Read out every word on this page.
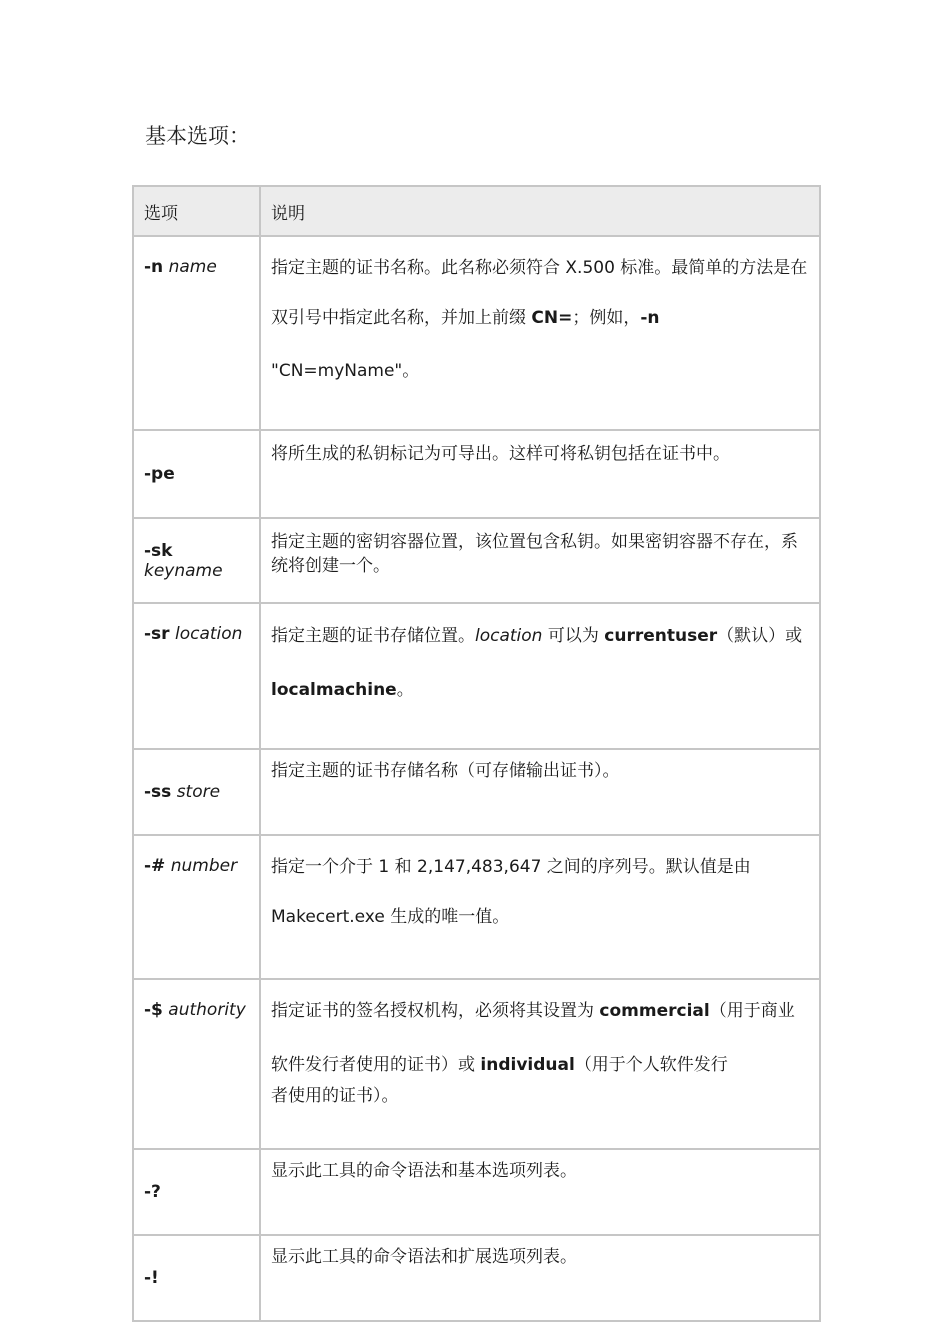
基本选项：
选项	说明
-n name	指定主题的证书名称。此名称必须符合 X.500 标准。最简单的方法是在双引号中指定此名称，并加上前缀 CN=；例如，-n
"CN=myName"。

-pe	将所生成的私钥标记为可导出。这样可将私钥包括在证书中。
-sk keyname	指定主题的密钥容器位置，该位置包含私钥。如果密钥容器不存在，系统将创建一个。
-sr location	指定主题的证书存储位置。location 可以为 currentuser（默认）或 localmachine。
-ss store	指定主题的证书存储名称（可存储输出证书）。
-# number	指定一个介于 1 和 2,147,483,647 之间的序列号。默认值是由 Makecert.exe 生成的唯一值。
-$ authority	指定证书的签名授权机构，必须将其设置为 commercial（用于商业软件发行者使用的证书）或 individual（用于个人软件发行
者使用的证书）。

-?	显示此工具的命令语法和基本选项列表。
-!	显示此工具的命令语法和扩展选项列表。
